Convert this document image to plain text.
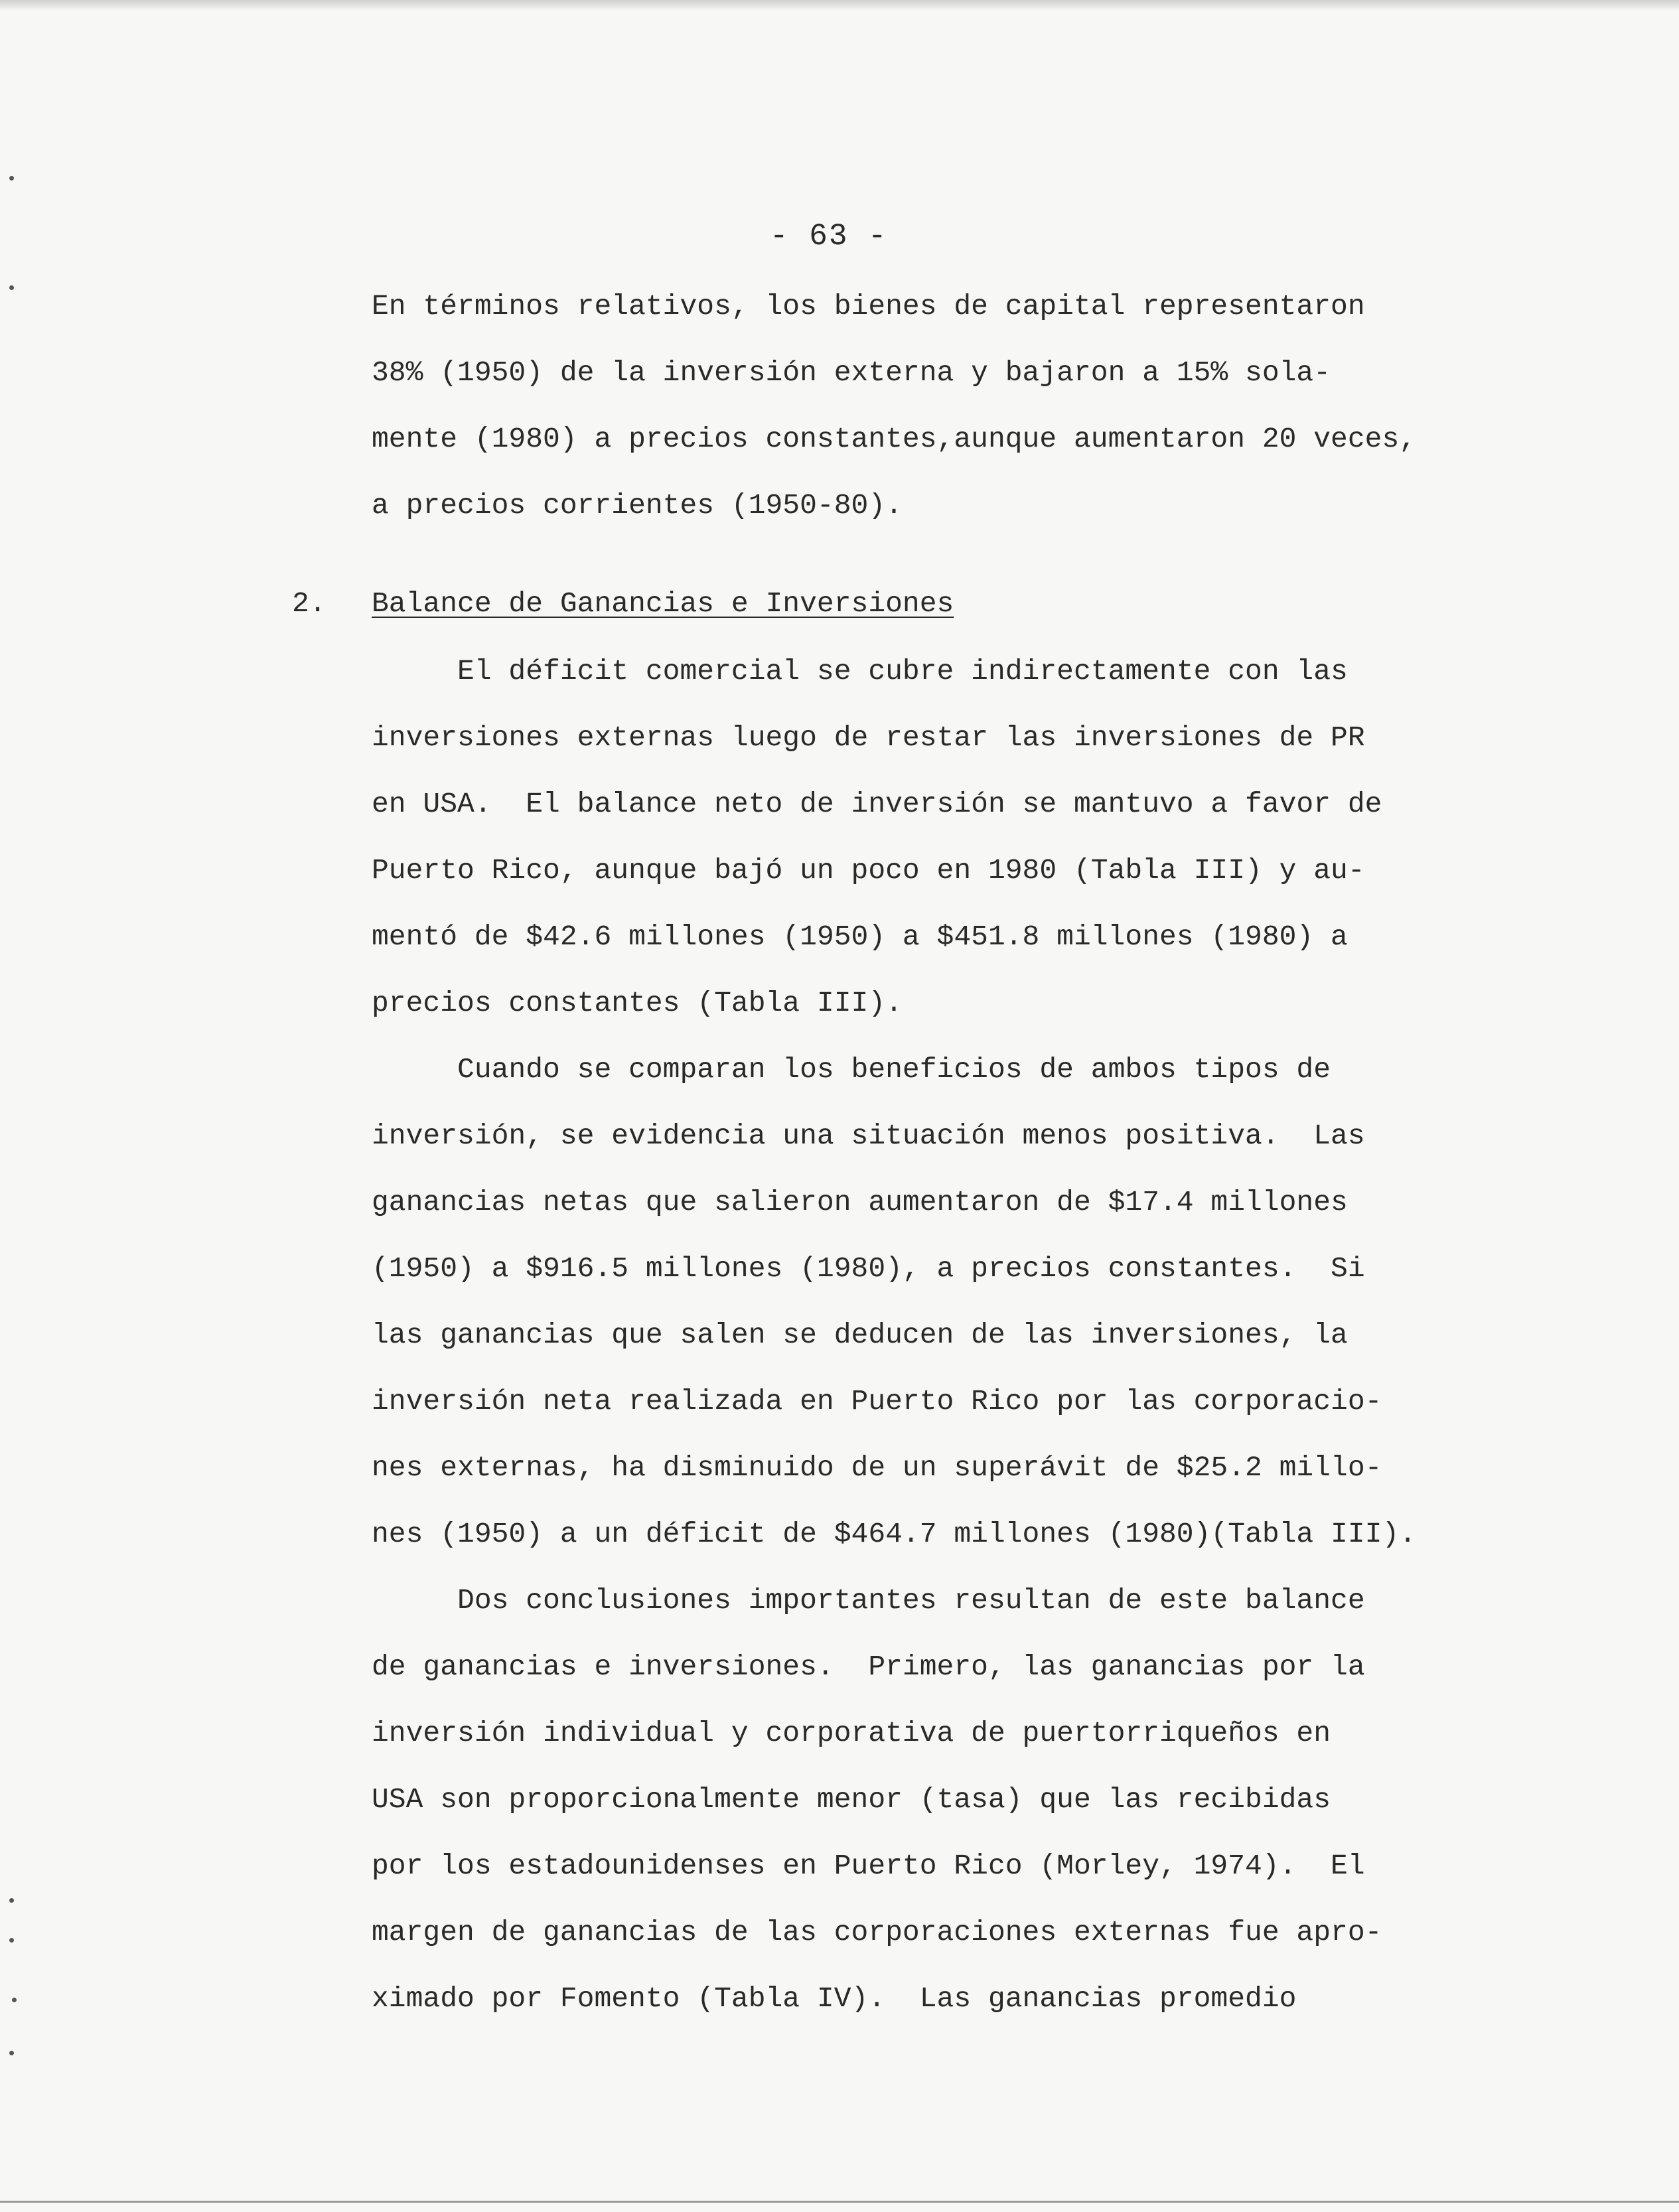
- 63 -
En términos relativos, los bienes de capital representaron
38% (1950) de la inversión externa y bajaron a 15% sola-
mente (1980) a precios constantes,aunque aumentaron 20 veces,
a precios corrientes (1950-80).
2. Balance de Ganancias e Inversiones
El déficit comercial se cubre indirectamente con las
inversiones externas luego de restar las inversiones de PR
en USA.  El balance neto de inversión se mantuvo a favor de
Puerto Rico, aunque bajó un poco en 1980 (Tabla III) y au-
mentó de $42.6 millones (1950) a $451.8 millones (1980) a
precios constantes (Tabla III).
Cuando se comparan los beneficios de ambos tipos de
inversión, se evidencia una situación menos positiva.  Las
ganancias netas que salieron aumentaron de $17.4 millones
(1950) a $916.5 millones (1980), a precios constantes.  Si
las ganancias que salen se deducen de las inversiones, la
inversión neta realizada en Puerto Rico por las corporacio-
nes externas, ha disminuido de un superávit de $25.2 millo-
nes (1950) a un déficit de $464.7 millones (1980)(Tabla III).
Dos conclusiones importantes resultan de este balance
de ganancias e inversiones.  Primero, las ganancias por la
inversión individual y corporativa de puertorriqueños en
USA son proporcionalmente menor (tasa) que las recibidas
por los estadounidenses en Puerto Rico (Morley, 1974).  El
margen de ganancias de las corporaciones externas fue apro-
ximado por Fomento (Tabla IV).  Las ganancias promedio
